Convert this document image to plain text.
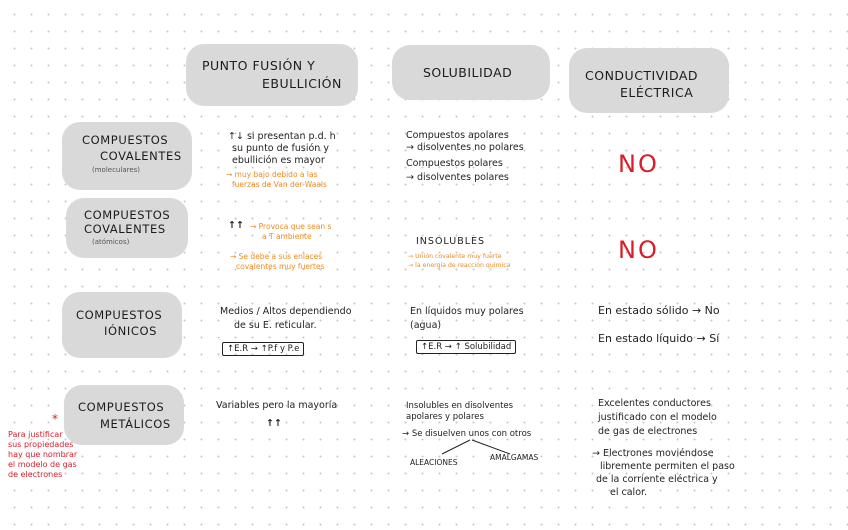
PUNTO FUSIÓN Y
EBULLICIÓN
SOLUBILIDAD	CONDUCTIVIDAD
ELÉCTRICA
COMPUESTOS
COVALENTES
(moleculares)
COMPUESTOS
COVALENTES
(atómicos)
COMPUESTOS
IÓNICOS
COMPUESTOS
METÁLICOS
↑↓ si presentan p.d. h
su punto de fusión y
ebullición es mayor
→ muy bajo debido a las
fuerzas de Van der Waals
Compuestos apolares
→ disolventes no polares
Compuestos polares
→ disolventes polares	NO
↑↑ → Provoca que sean s
a T ambiente
→ Se debe a sus enlaces
covalentes muy fuertes
INSOLUBLES
→ Unión covalente muy fuerte
→ la energía de reacción química
NO
Medios / Altos dependiendo
de su E. reticular.
↑E.R → ↑P.f y P.e
En líquidos muy polares
(agua)
↑E.R → ↑ Solubilidad
En estado sólido → No
En estado líquido → Sí
Variables pero la mayoría
↑↑
Insolubles en disolventes
apolares y polares
→ Se disuelven unos con otros
ALEACIONES
AMALGAMAS
Excelentes conductores
justificado con el modelo
de gas de electrones
→ Electrones moviéndose
libremente permiten el paso
de la corriente eléctrica y
el calor.
*
Para justificar
sus propiedades
hay que nombrar
el modelo de gas
de electrones
